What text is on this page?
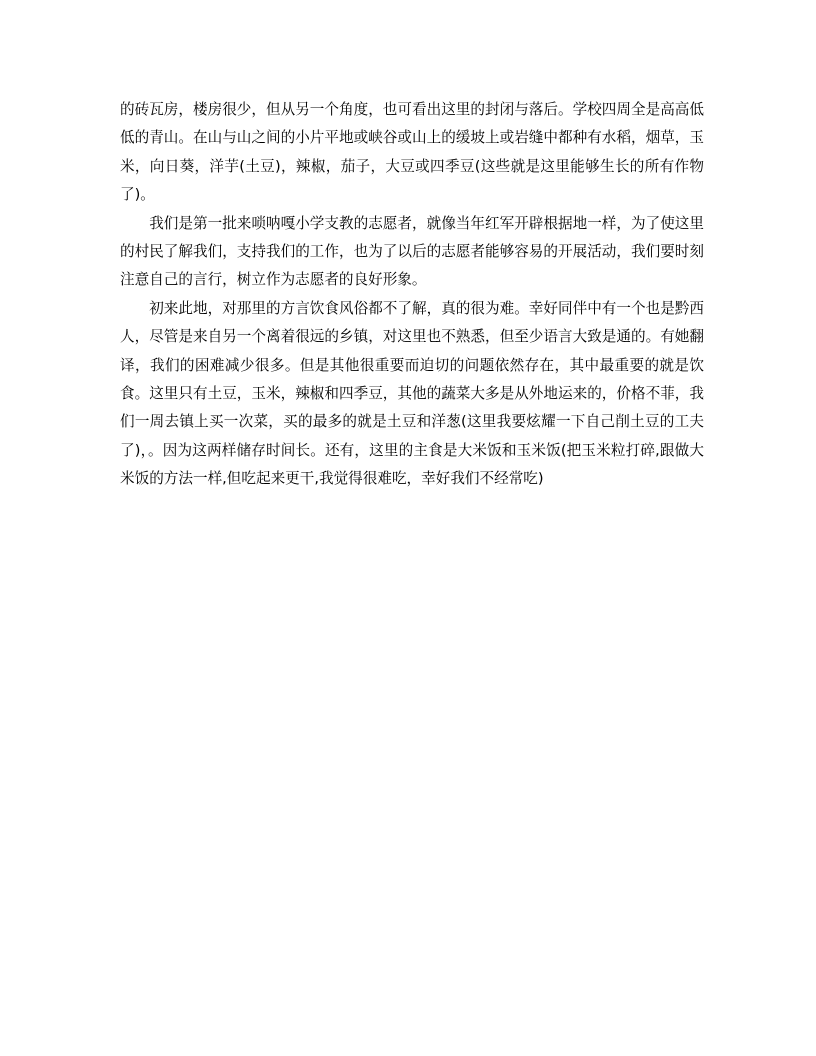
的砖瓦房，楼房很少，但从另一个角度，也可看出这里的封闭与落后。学校四周全是高高低低的青山。在山与山之间的小片平地或峡谷或山上的缓坡上或岩缝中都种有水稻，烟草，玉米，向日葵，洋芋(土豆)，辣椒，茄子，大豆或四季豆(这些就是这里能够生长的所有作物了)。

我们是第一批来唢呐嘎小学支教的志愿者，就像当年红军开辟根据地一样，为了使这里的村民了解我们，支持我们的工作，也为了以后的志愿者能够容易的开展活动，我们要时刻注意自己的言行，树立作为志愿者的良好形象。

初来此地，对那里的方言饮食风俗都不了解，真的很为难。幸好同伴中有一个也是黔西人，尽管是来自另一个离着很远的乡镇，对这里也不熟悉，但至少语言大致是通的。有她翻译，我们的困难减少很多。但是其他很重要而迫切的问题依然存在，其中最重要的就是饮食。这里只有土豆，玉米，辣椒和四季豆，其他的蔬菜大多是从外地运来的，价格不菲，我们一周去镇上买一次菜，买的最多的就是土豆和洋葱(这里我要炫耀一下自己削土豆的工夫了)，。因为这两样储存时间长。还有，这里的主食是大米饭和玉米饭(把玉米粒打碎,跟做大米饭的方法一样,但吃起来更干,我觉得很难吃，幸好我们不经常吃)
